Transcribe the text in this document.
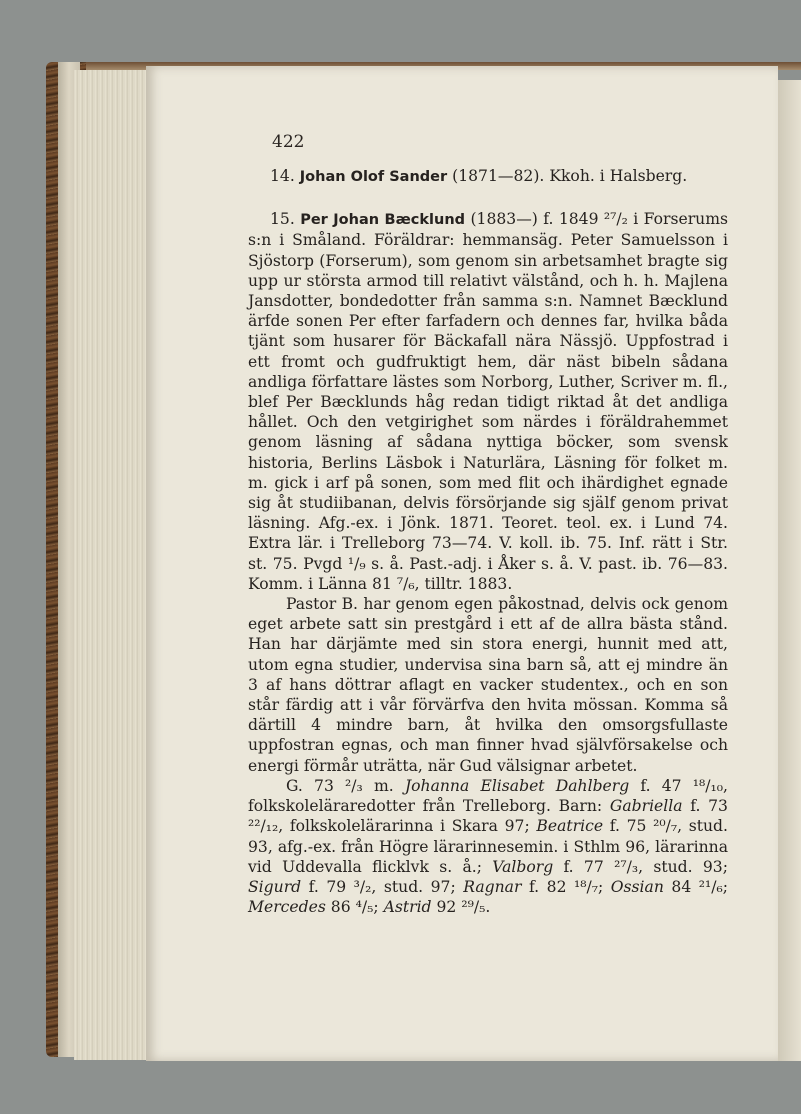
422

14. Johan Olof Sander (1871—82). Kkoh. i Halsberg.

15. Per Johan Bæcklund (1883—) f. 1849 ²⁷/₂ i Forserums s:n i Småland. Föräldrar: hemmansäg. Peter Samuelsson i Sjöstorp (Forserum), som genom sin arbetsamhet bragte sig upp ur största armod till relativt välstånd, och h. h. Majlena Jansdotter, bondedotter från samma s:n. Namnet Bæcklund ärfde sonen Per efter farfadern och dennes far, hvilka båda tjänt som husarer för Bäckafall nära Nässjö. Uppfostrad i ett fromt och gudfruktigt hem, där näst bibeln sådana andliga författare lästes som Norborg, Luther, Scriver m. fl., blef Per Bæcklunds håg redan tidigt riktad åt det andliga hållet. Och den vetgirighet som närdes i föräldrahemmet genom läsning af sådana nyttiga böcker, som svensk historia, Berlins Läsbok i Naturlära, Läsning för folket m. m. gick i arf på sonen, som med flit och ihärdighet egnade sig åt studiibanan, delvis försörjande sig själf genom privat läsning. Afg.-ex. i Jönk. 1871. Teoret. teol. ex. i Lund 74. Extra lär. i Trelleborg 73—74. V. koll. ib. 75. Inf. rätt i Str. st. 75. Pvgd ¹/₉ s. å. Past.-adj. i Åker s. å. V. past. ib. 76—83. Komm. i Länna 81 ⁷/₆, tilltr. 1883.

Pastor B. har genom egen påkostnad, delvis ock genom eget arbete satt sin prestgård i ett af de allra bästa stånd. Han har därjämte med sin stora energi, hunnit med att, utom egna studier, undervisa sina barn så, att ej mindre än 3 af hans döttrar aflagt en vacker studentex., och en son står färdig att i vår förvärfva den hvita mössan. Komma så därtill 4 mindre barn, åt hvilka den omsorgsfullaste uppfostran egnas, och man finner hvad självförsakelse och energi förmår uträtta, när Gud välsignar arbetet.

G. 73 ²/₃ m. Johanna Elisabet Dahlberg f. 47 ¹⁸/₁₀, folkskoleläraredotter från Trelleborg. Barn: Gabriella f. 73 ²²/₁₂, folkskolelärarinna i Skara 97; Beatrice f. 75 ²⁰/₇, stud. 93, afg.-ex. från Högre lärarinnesemin. i Sthlm 96, lärarinna vid Uddevalla flicklvk s. å.; Valborg f. 77 ²⁷/₃, stud. 93; Sigurd f. 79 ³/₂, stud. 97; Ragnar f. 82 ¹⁸/₇; Ossian 84 ²¹/₆; Mercedes 86 ⁴/₅; Astrid 92 ²⁹/₅.
